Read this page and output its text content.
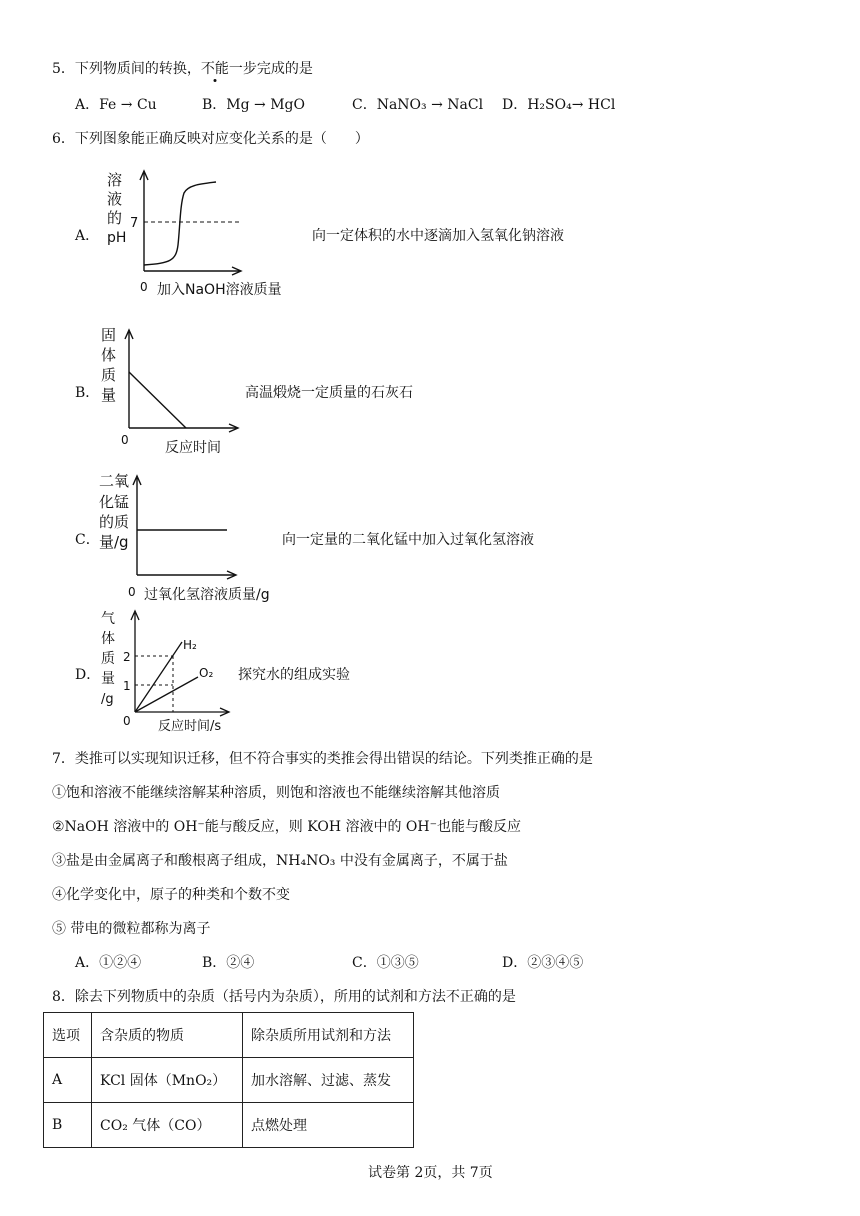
5．下列物质间的转换，不能一步完成的是
A．Fe → Cu	B．Mg → MgO	C．NaNO₃ → NaCl D．H₂SO₄→ HCl
6．下列图象能正确反映对应变化关系的是（　　）
A．
溶
液
的
pH
7
0 加入NaOH溶液质量
向一定体积的水中逐滴加入氢氧化钠溶液
B．
固
体
质
量
0	反应时间
高温煅烧一定质量的石灰石
C．
二氧
化锰
的质
量/g
0 过氧化氢溶液质量/g
向一定量的二氧化锰中加入过氧化氢溶液
D．
气
体
质
量
/g
2
1
H₂
O₂
0 反应时间/s
探究水的组成实验
7．类推可以实现知识迁移，但不符合事实的类推会得出错误的结论。下列类推正确的是
①饱和溶液不能继续溶解某种溶质，则饱和溶液也不能继续溶解其他溶质
②NaOH 溶液中的 OH⁻能与酸反应，则 KOH 溶液中的 OH⁻也能与酸反应
③盐是由金属离子和酸根离子组成，NH₄NO₃ 中没有金属离子，不属于盐
④化学变化中，原子的种类和个数不变
⑤ 带电的微粒都称为离子
A．①②④	B．②④	C．①③⑤	D．②③④⑤
8．除去下列物质中的杂质（括号内为杂质），所用的试剂和方法不正确的是
选项	含杂质的物质	除杂质所用试剂和方法
A	KCl 固体（MnO₂）	加水溶解、过滤、蒸发
B	CO₂ 气体（CO）	点燃处理
试卷第 2页，共 7页
